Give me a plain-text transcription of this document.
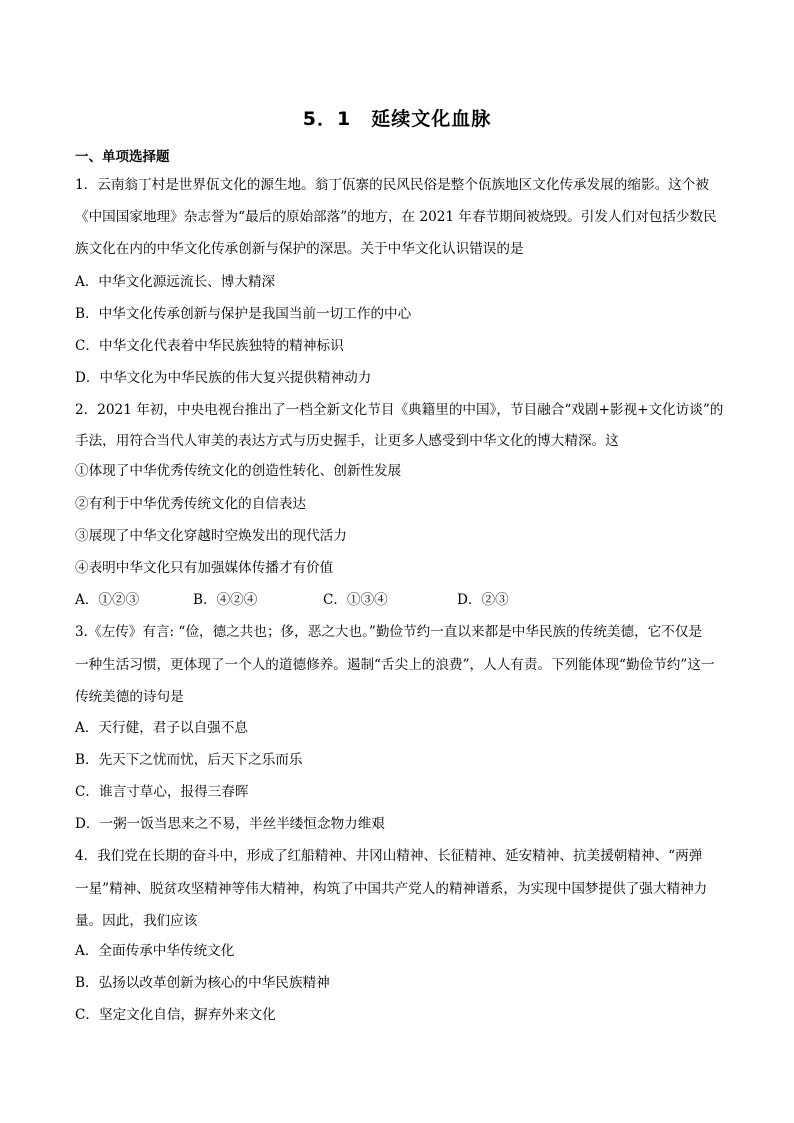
5．1　延续文化血脉
一、单项选择题
1．云南翁丁村是世界佤文化的源生地。翁丁佤寨的民风民俗是整个佤族地区文化传承发展的缩影。这个被
《中国国家地理》杂志誉为“最后的原始部落”的地方，在 2021 年春节期间被烧毁。引发人们对包括少数民
族文化在内的中华文化传承创新与保护的深思。关于中华文化认识错误的是
A．中华文化源远流长、博大精深
B．中华文化传承创新与保护是我国当前一切工作的中心
C．中华文化代表着中华民族独特的精神标识
D．中华文化为中华民族的伟大复兴提供精神动力
2．2021 年初，中央电视台推出了一档全新文化节目《典籍里的中国》，节目融合“戏剧+影视+文化访谈”的
手法，用符合当代人审美的表达方式与历史握手，让更多人感受到中华文化的博大精深。这
①体现了中华优秀传统文化的创造性转化、创新性发展
②有利于中华优秀传统文化的自信表达
③展现了中华文化穿越时空焕发出的现代活力
④表明中华文化只有加强媒体传播才有价值
A．①②③	B．④②④	C．①③④	D．②③
3.《左传》有言: “俭，德之共也；侈，恶之大也。”勤俭节约一直以来都是中华民族的传统美德，它不仅是
一种生活习惯，更体现了一个人的道德修养。遏制“舌尖上的浪费”，人人有责。下列能体现“勤俭节约”这一
传统美德的诗句是
A．天行健，君子以自强不息
B．先天下之忧而忧，后天下之乐而乐
C．谁言寸草心，报得三春晖
D．一粥一饭当思来之不易，半丝半缕恒念物力维艰
4．我们党在长期的奋斗中，形成了红船精神、井冈山精神、长征精神、延安精神、抗美援朝精神、“两弹
一星”精神、脱贫攻坚精神等伟大精神，构筑了中国共产党人的精神谱系，为实现中国梦提供了强大精神力
量。因此，我们应该
A．全面传承中华传统文化
B．弘扬以改革创新为核心的中华民族精神
C．坚定文化自信，摒弃外来文化
